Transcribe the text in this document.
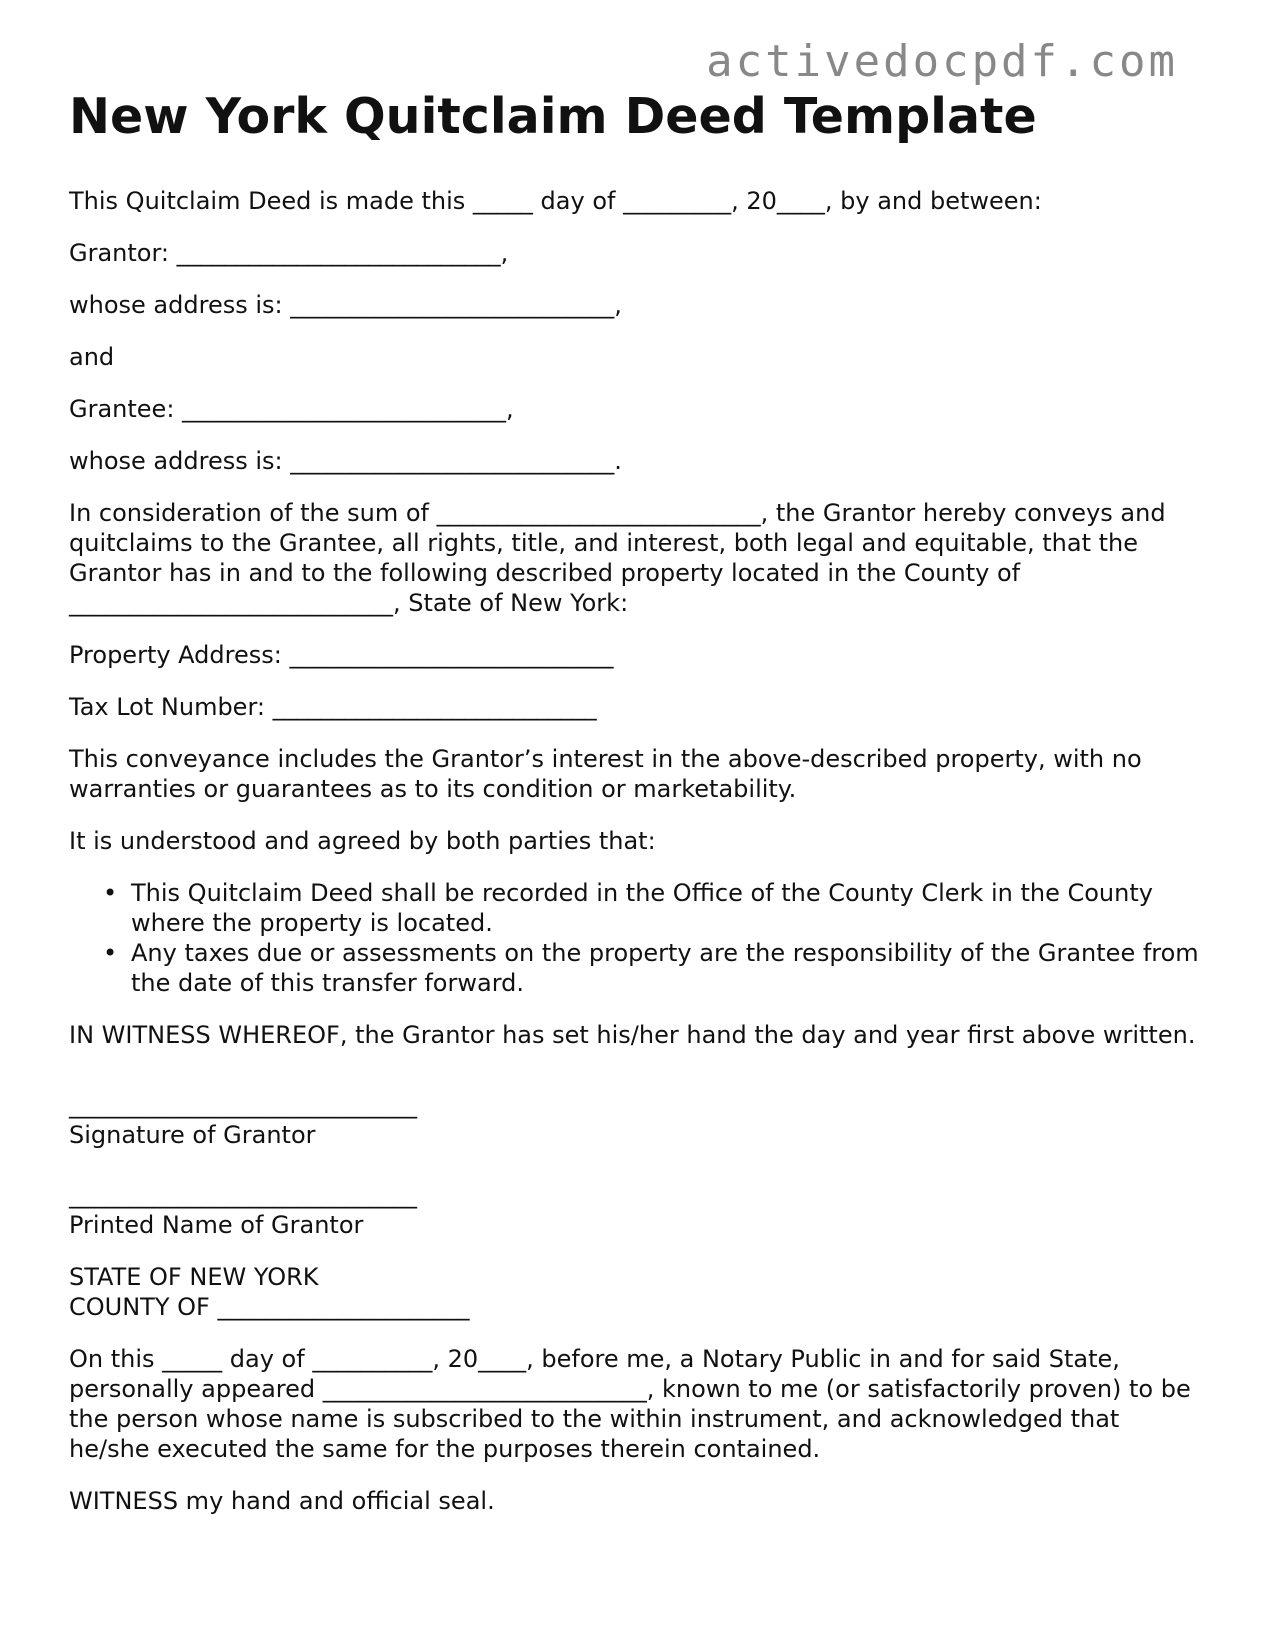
activedocpdf.com
New York Quitclaim Deed Template

This Quitclaim Deed is made this _____ day of _________, 20____, by and between:

Grantor: ___________________________,

whose address is: ___________________________,

and

Grantee: ___________________________,

whose address is: ___________________________.

In consideration of the sum of ___________________________, the Grantor hereby conveys and quitclaims to the Grantee, all rights, title, and interest, both legal and equitable, that the Grantor has in and to the following described property located in the County of ___________________________, State of New York:

Property Address: ___________________________

Tax Lot Number: ___________________________

This conveyance includes the Grantor’s interest in the above-described property, with no warranties or guarantees as to its condition or marketability.

It is understood and agreed by both parties that:

• This Quitclaim Deed shall be recorded in the Office of the County Clerk in the County where the property is located.
• Any taxes due or assessments on the property are the responsibility of the Grantee from the date of this transfer forward.

IN WITNESS WHEREOF, the Grantor has set his/her hand the day and year first above written.

_____________________________
Signature of Grantor
_____________________________
Printed Name of Grantor
STATE OF NEW YORK
COUNTY OF _____________________

On this _____ day of __________, 20____, before me, a Notary Public in and for said State, personally appeared ___________________________, known to me (or satisfactorily proven) to be the person whose name is subscribed to the within instrument, and acknowledged that he/she executed the same for the purposes therein contained.

WITNESS my hand and official seal.
